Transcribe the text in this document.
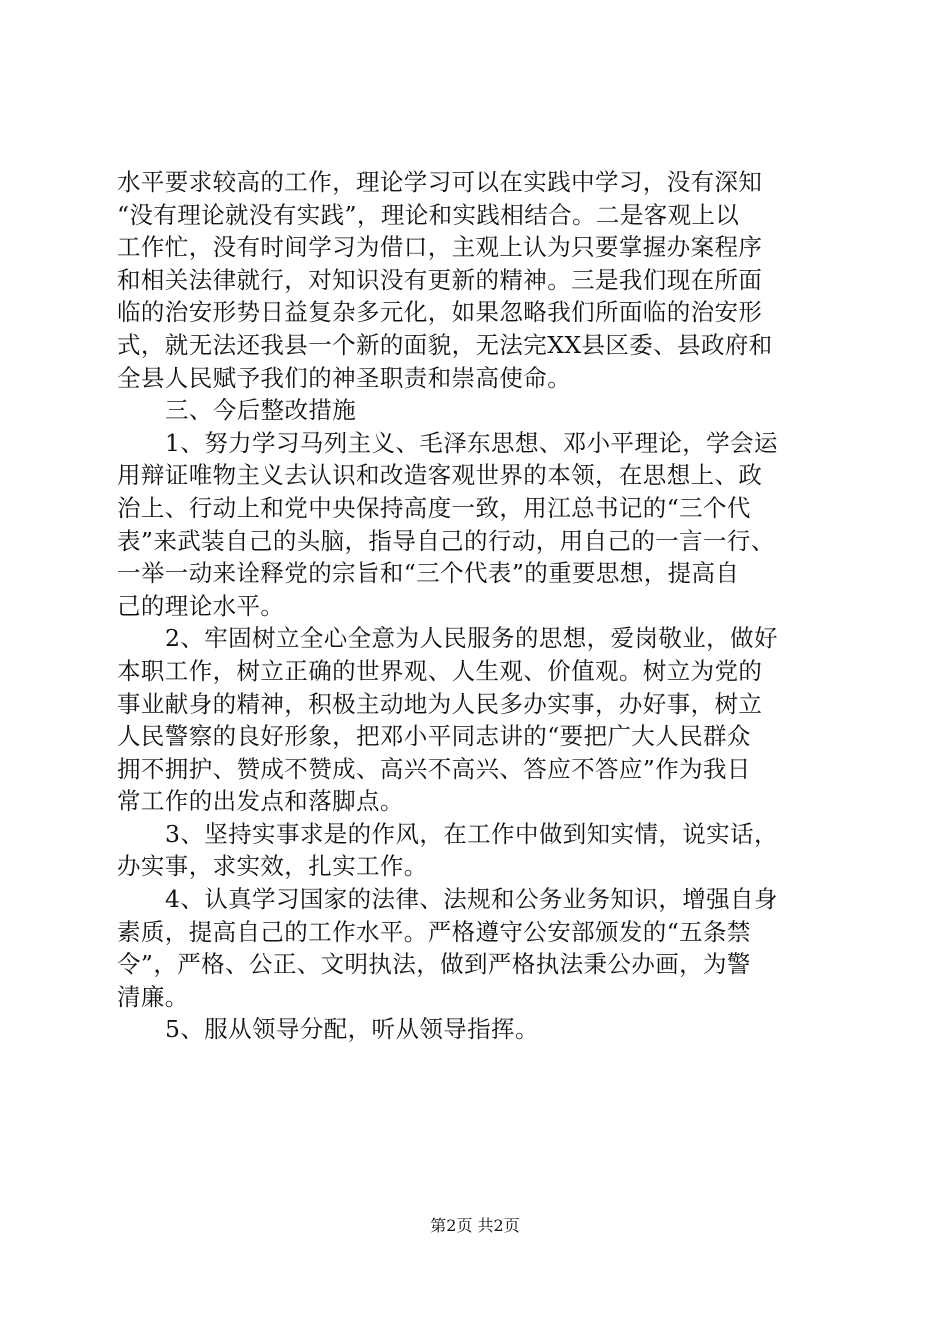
水平要求较高的工作，理论学习可以在实践中学习，没有深知
“没有理论就没有实践”，理论和实践相结合。二是客观上以
工作忙，没有时间学习为借口，主观上认为只要掌握办案程序
和相关法律就行，对知识没有更新的精神。三是我们现在所面
临的治安形势日益复杂多元化，如果忽略我们所面临的治安形
式，就无法还我县一个新的面貌，无法完XX县区委、县政府和
全县人民赋予我们的神圣职责和崇高使命。
三、今后整改措施
1、努力学习马列主义、毛泽东思想、邓小平理论，学会运
用辩证唯物主义去认识和改造客观世界的本领，在思想上、政
治上、行动上和党中央保持高度一致，用江总书记的“三个代
表”来武装自己的头脑，指导自己的行动，用自己的一言一行、
一举一动来诠释党的宗旨和“三个代表”的重要思想，提高自
己的理论水平。
2、牢固树立全心全意为人民服务的思想，爱岗敬业，做好
本职工作，树立正确的世界观、人生观、价值观。树立为党的
事业献身的精神，积极主动地为人民多办实事，办好事，树立
人民警察的良好形象，把邓小平同志讲的“要把广大人民群众
拥不拥护、赞成不赞成、高兴不高兴、答应不答应”作为我日
常工作的出发点和落脚点。
3、坚持实事求是的作风，在工作中做到知实情，说实话，
办实事，求实效，扎实工作。
4、认真学习国家的法律、法规和公务业务知识，增强自身
素质，提高自己的工作水平。严格遵守公安部颁发的“五条禁
令”，严格、公正、文明执法，做到严格执法秉公办画，为警
清廉。
5、服从领导分配，听从领导指挥。
第2页 共2页
